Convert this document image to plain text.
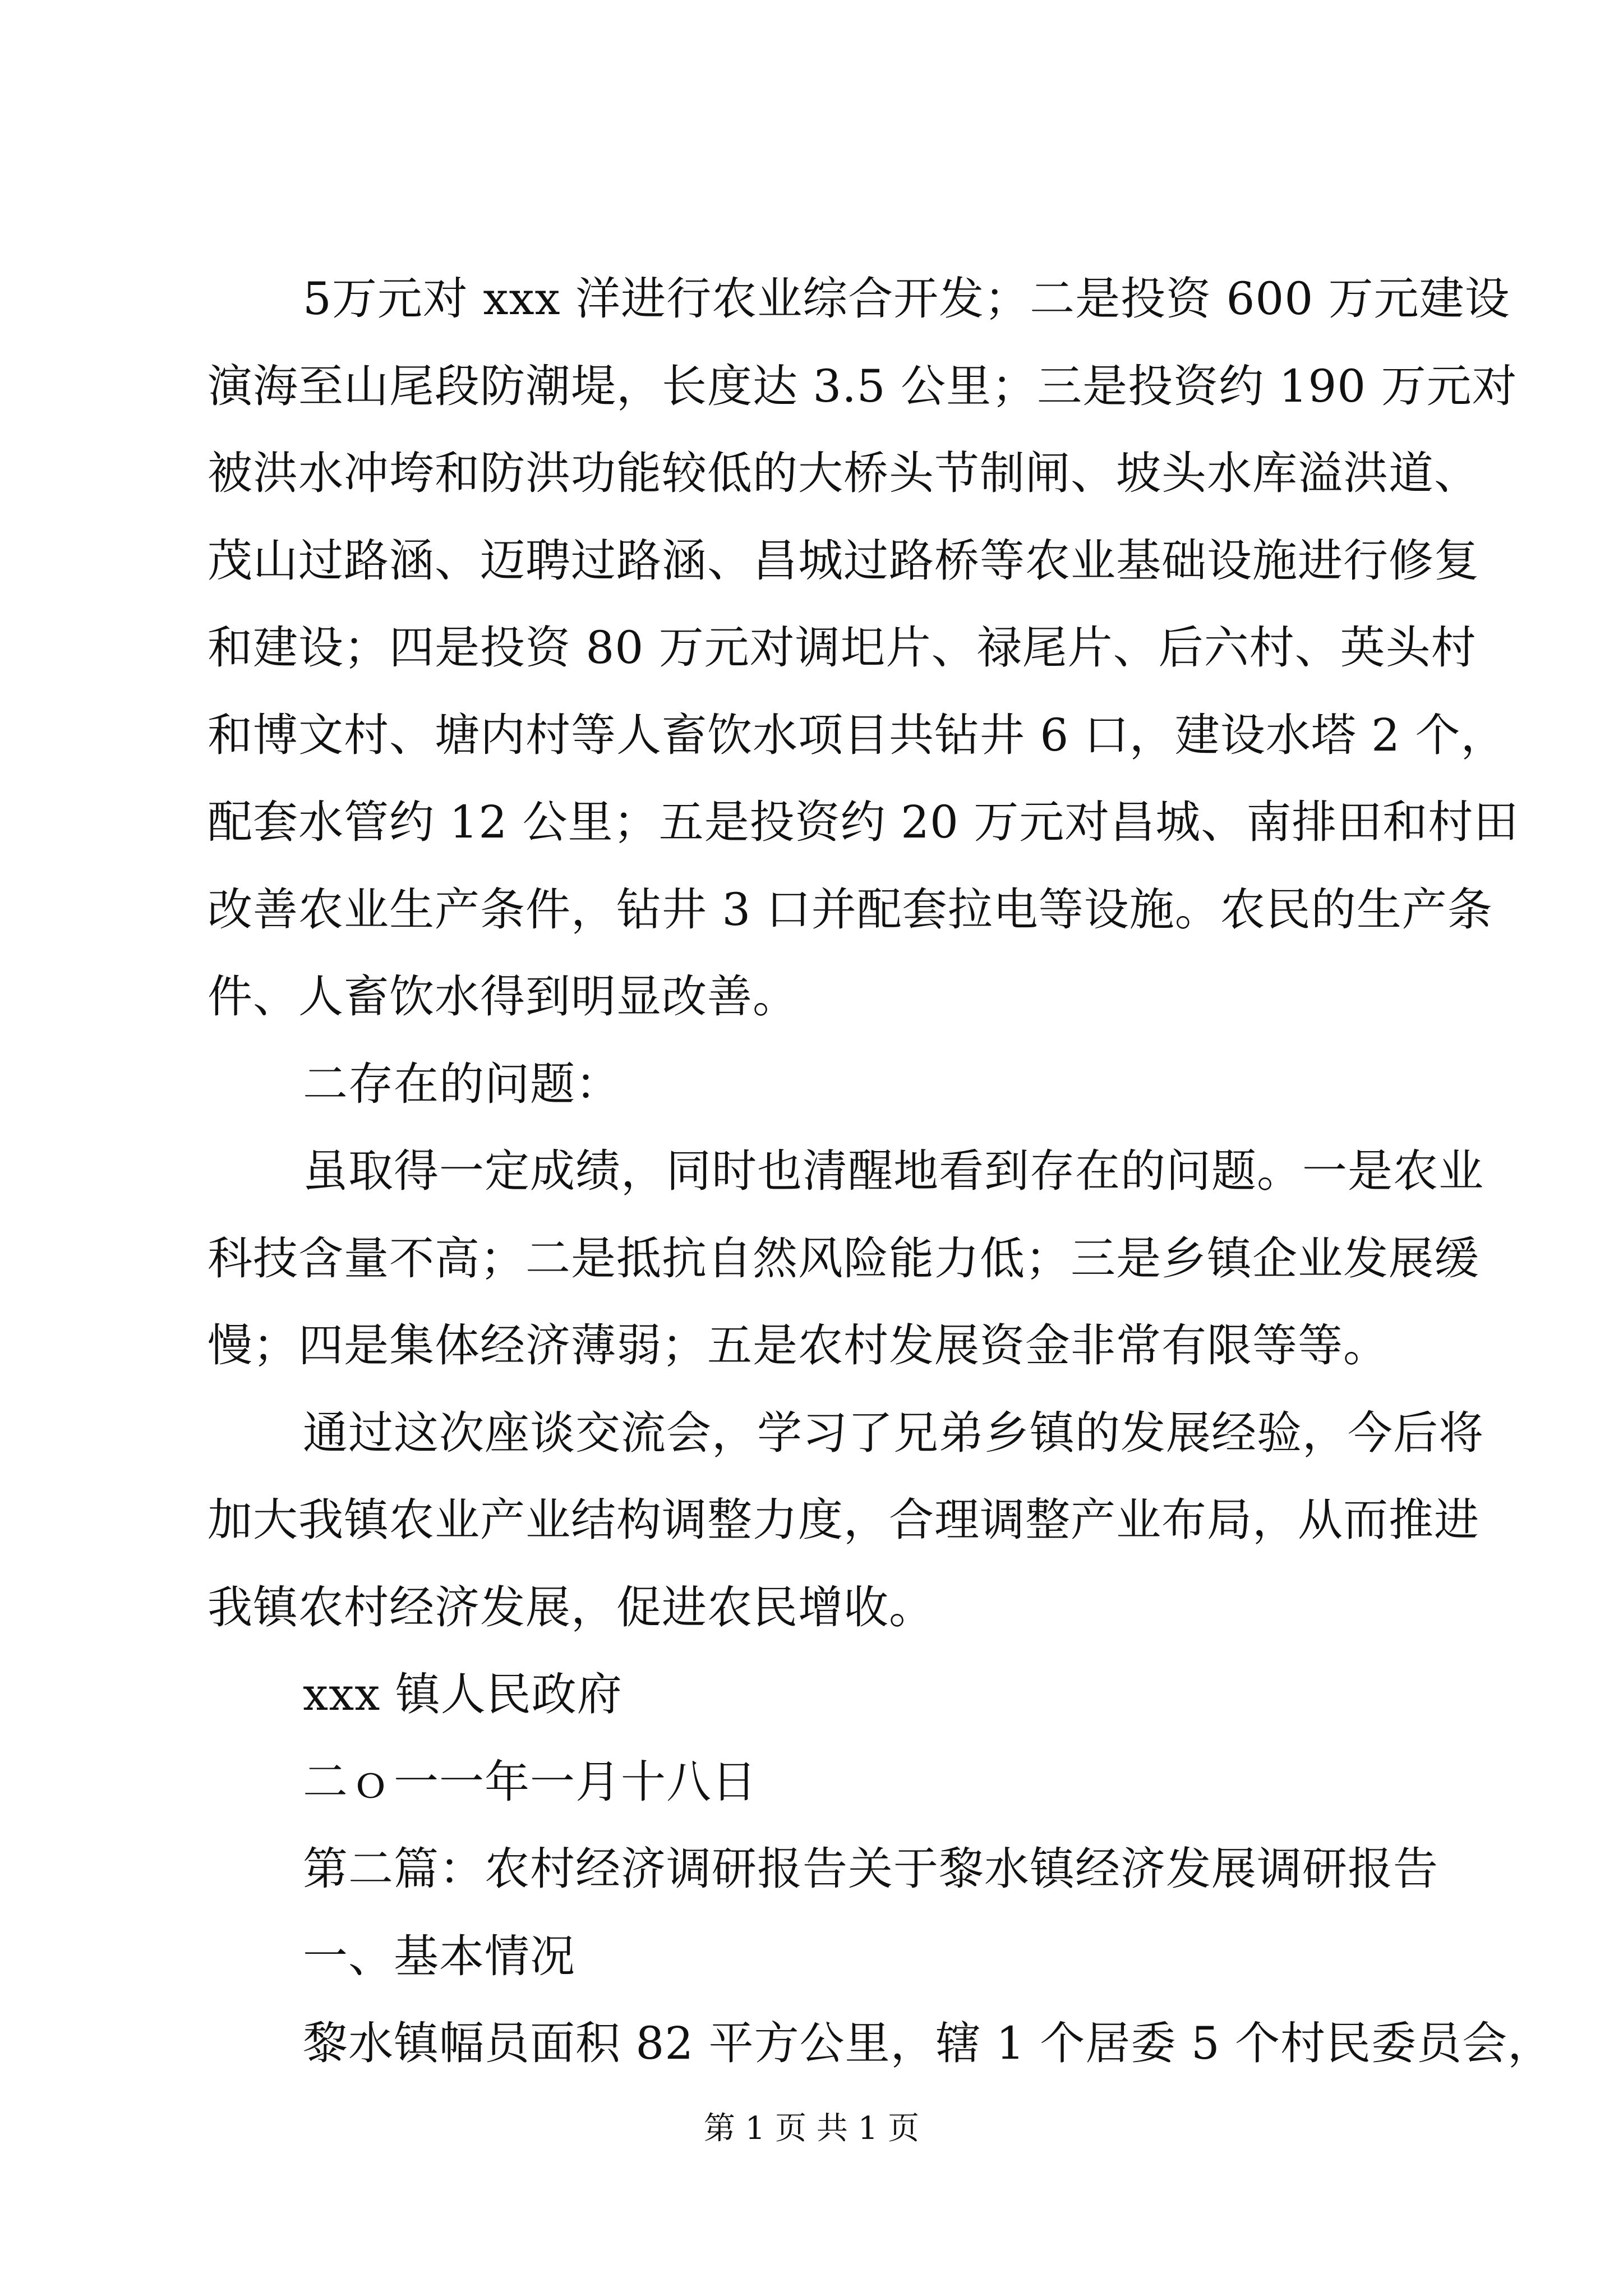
5万元对 xxx 洋进行农业综合开发；二是投资 600 万元建设
演海至山尾段防潮堤，长度达 3.5 公里；三是投资约 190 万元对
被洪水冲垮和防洪功能较低的大桥头节制闸、坡头水库溢洪道、
茂山过路涵、迈聘过路涵、昌城过路桥等农业基础设施进行修复
和建设；四是投资 80 万元对调圯片、禄尾片、后六村、英头村
和博文村、塘内村等人畜饮水项目共钻井 6 口，建设水塔 2 个，
配套水管约 12 公里；五是投资约 20 万元对昌城、南排田和村田
改善农业生产条件，钻井 3 口并配套拉电等设施。农民的生产条
件、人畜饮水得到明显改善。

二存在的问题：

虽取得一定成绩，同时也清醒地看到存在的问题。一是农业
科技含量不高；二是抵抗自然风险能力低；三是乡镇企业发展缓
慢；四是集体经济薄弱；五是农村发展资金非常有限等等。

通过这次座谈交流会，学习了兄弟乡镇的发展经验，今后将
加大我镇农业产业结构调整力度，合理调整产业布局，从而推进
我镇农村经济发展，促进农民增收。

xxx 镇人民政府

二ｏ一一年一月十八日

第二篇：农村经济调研报告关于黎水镇经济发展调研报告

一、基本情况

黎水镇幅员面积 82 平方公里，辖 1 个居委 5 个村民委员会，

第 1 页 共 1 页
